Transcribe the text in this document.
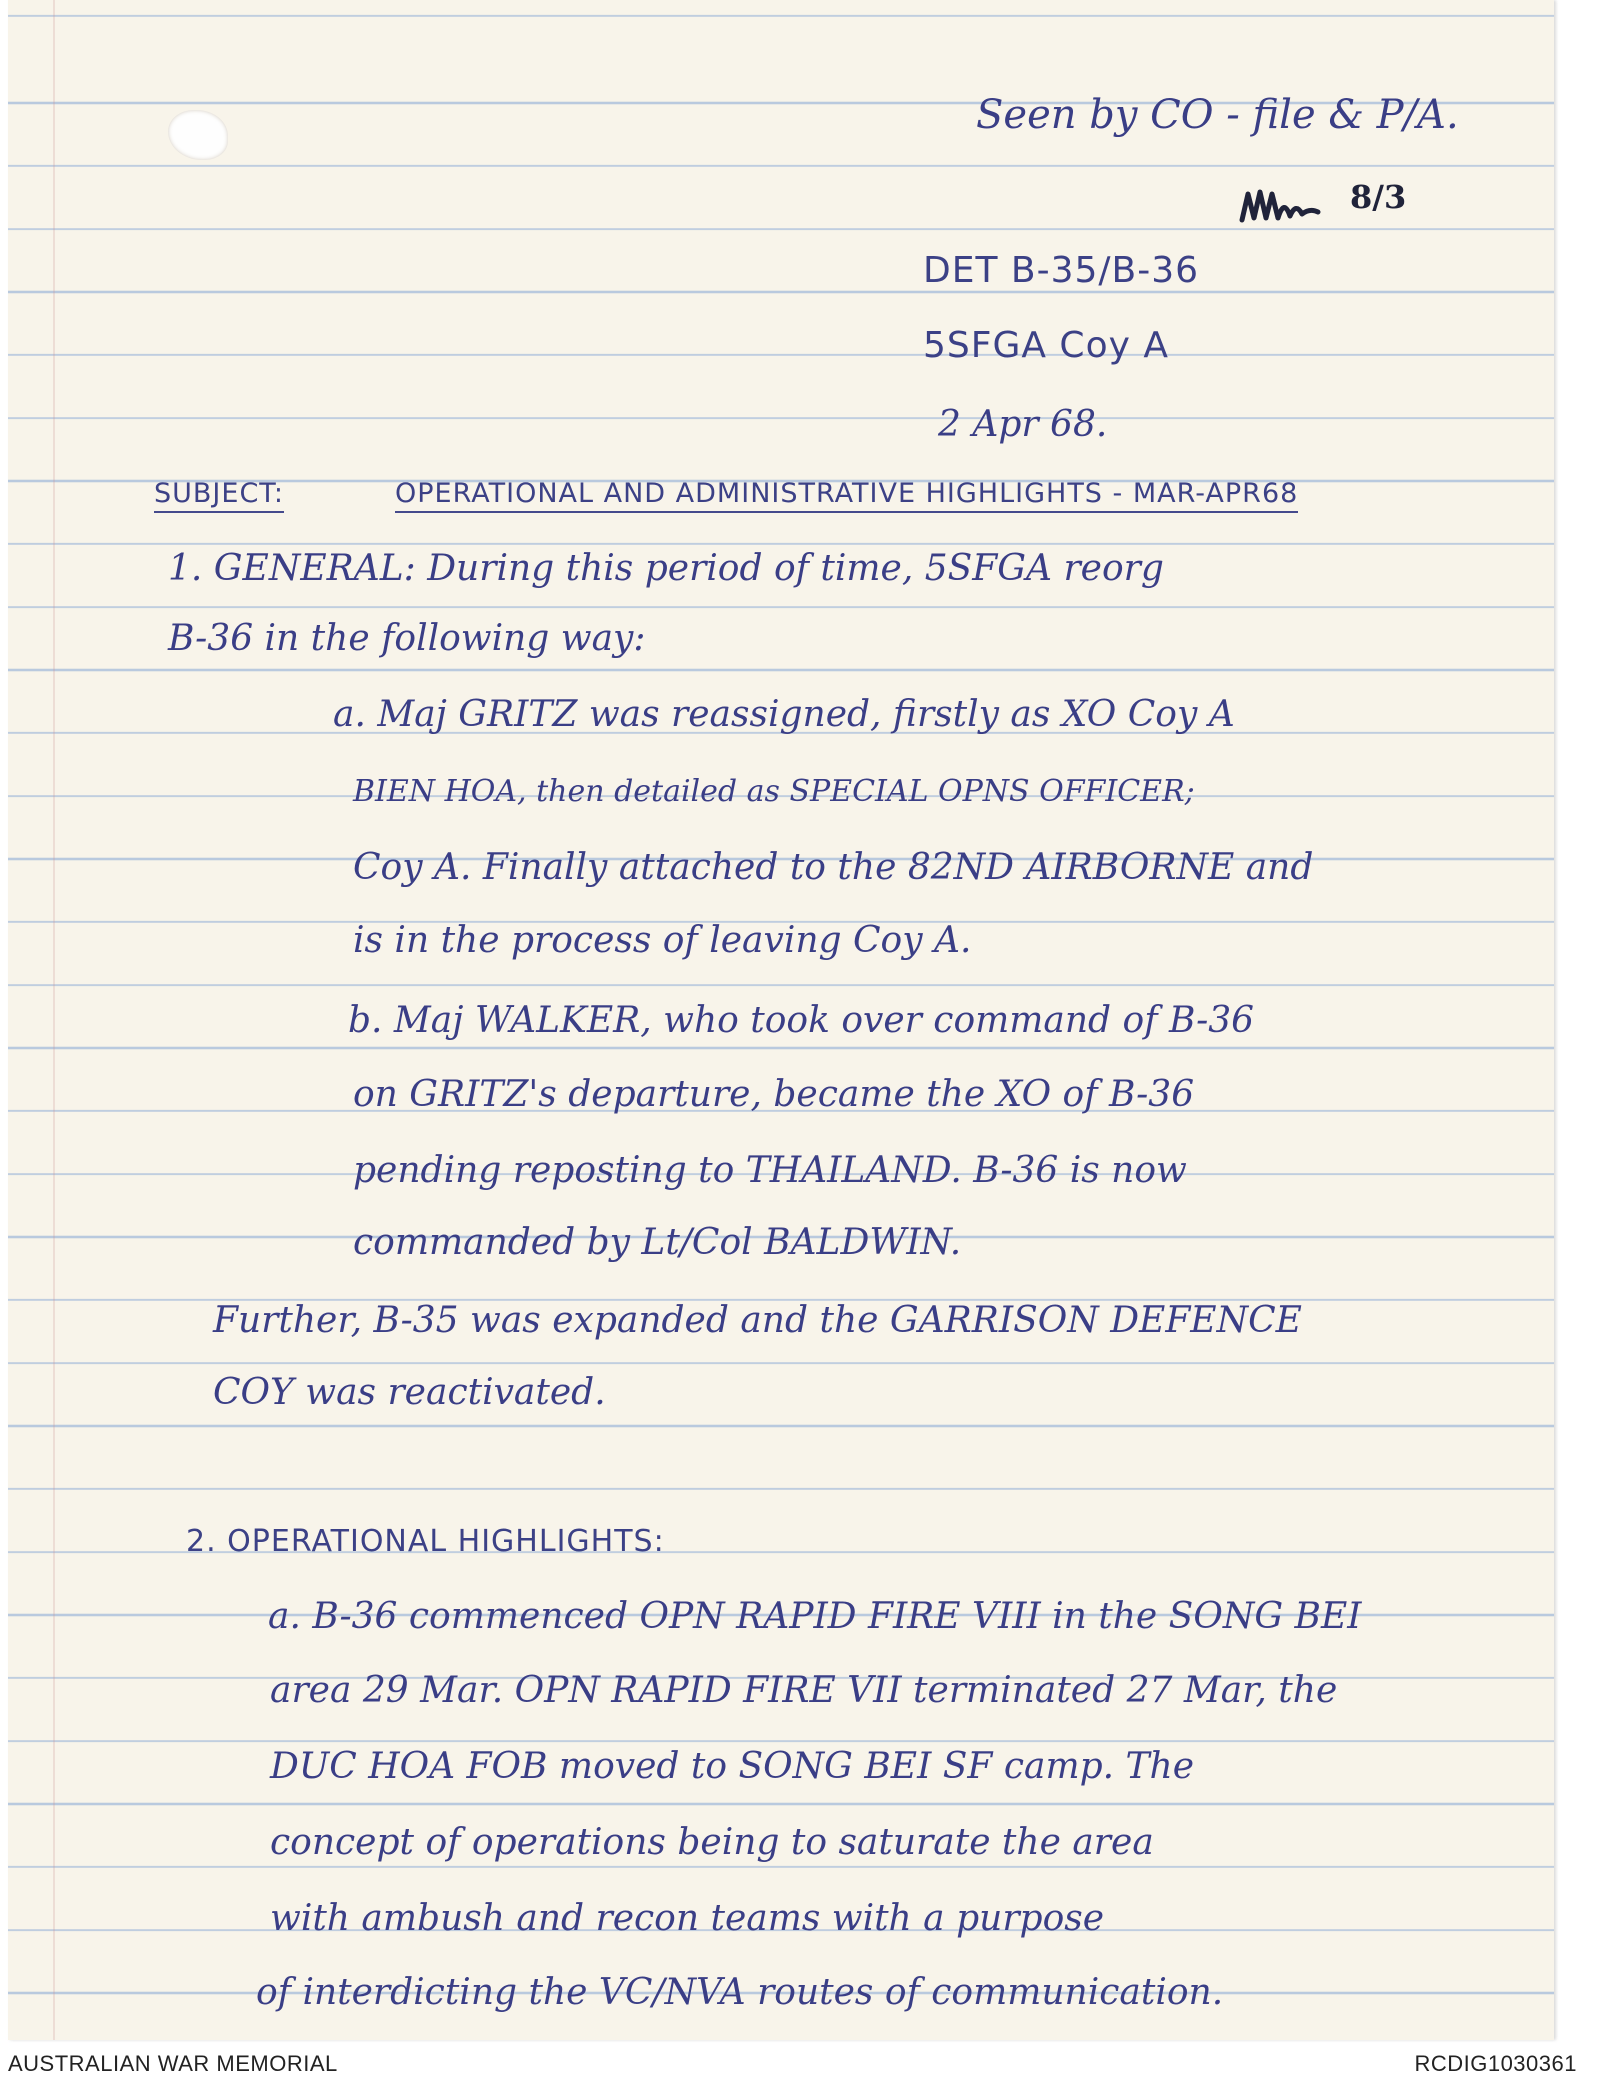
Seen by CO - file & P/A.
8/3
DET B-35/B-36
5SFGA Coy A
2 Apr 68.
SUBJECT:	OPERATIONAL AND ADMINISTRATIVE HIGHLIGHTS - MAR-APR68
1. GENERAL: During this period of time, 5SFGA reorg
B-36 in the following way:
a. Maj GRITZ was reassigned, firstly as XO Coy A
BIEN HOA, then detailed as SPECIAL OPNS OFFICER;
Coy A. Finally attached to the 82ND AIRBORNE and
is in the process of leaving Coy A.
b. Maj WALKER, who took over command of B-36
on GRITZ's departure, became the XO of B-36
pending reposting to THAILAND. B-36 is now
commanded by Lt/Col BALDWIN.
Further, B-35 was expanded and the GARRISON DEFENCE
COY was reactivated.
2. OPERATIONAL HIGHLIGHTS:
a. B-36 commenced OPN RAPID FIRE VIII in the SONG BEI
area 29 Mar. OPN RAPID FIRE VII terminated 27 Mar, the
DUC HOA FOB moved to SONG BEI SF camp. The
concept of operations being to saturate the area
with ambush and recon teams with a purpose
of interdicting the VC/NVA routes of communication.
AUSTRALIAN WAR MEMORIAL	RCDIG1030361
